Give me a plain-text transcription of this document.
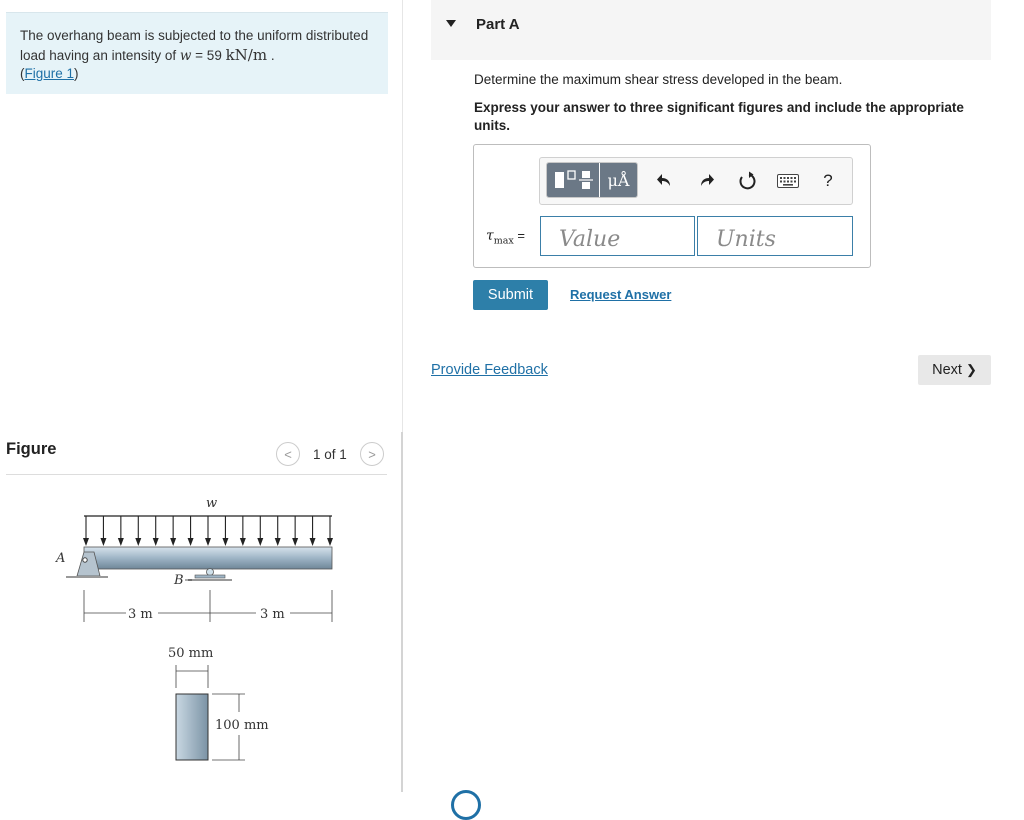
The overhang beam is subjected to the uniform distributed load having an intensity of w = 59 kN/m .
(Figure 1)
Figure	< 1 of 1 >
w
A
B
3 m	3 m
50 mm
100 mm
Part A
Determine the maximum shear stress developed in the beam.
Express your answer to three significant figures and include the appropriate units.
μÅ	?
$\tau_{max}$ =
Value
Units
Submit	Request Answer
Provide Feedback	Next
❯
